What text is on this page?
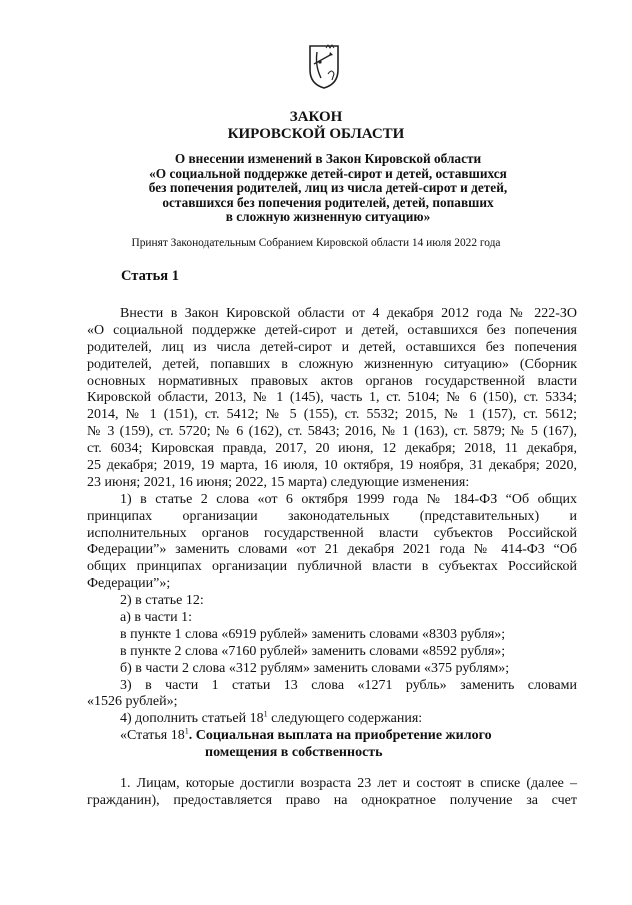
ЗАКОН
КИРОВСКОЙ ОБЛАСТИ
О внесении изменений в Закон Кировской области
«О социальной поддержке детей-сирот и детей, оставшихся
без попечения родителей, лиц из числа детей-сирот и детей,
оставшихся без попечения родителей, детей, попавших
в сложную жизненную ситуацию»
Принят Законодательным Собранием Кировской области 14 июля 2022 года
Статья 1
Внести в Закон Кировской области от 4 декабря 2012 года № 222-ЗО
«О социальной поддержке детей-сирот и детей, оставшихся без попечения
родителей, лиц из числа детей-сирот и детей, оставшихся без попечения
родителей, детей, попавших в сложную жизненную ситуацию» (Сборник
основных нормативных правовых актов органов государственной власти
Кировской области, 2013, № 1 (145), часть 1, ст. 5104; № 6 (150), ст. 5334;
2014, № 1 (151), ст. 5412; № 5 (155), ст. 5532; 2015, № 1 (157), ст. 5612;
№ 3 (159), ст. 5720; № 6 (162), ст. 5843; 2016, № 1 (163), ст. 5879; № 5 (167),
ст. 6034; Кировская правда, 2017, 20 июня, 12 декабря; 2018, 11 декабря,
25 декабря; 2019, 19 марта, 16 июля, 10 октября, 19 ноября, 31 декабря; 2020,
23 июня; 2021, 16 июня; 2022, 15 марта) следующие изменения:
1) в статье 2 слова «от 6 октября 1999 года № 184-ФЗ “Об общих
принципах организации законодательных (представительных) и
исполнительных органов государственной власти субъектов Российской
Федерации”» заменить словами «от 21 декабря 2021 года № 414-ФЗ “Об
общих принципах организации публичной власти в субъектах Российской
Федерации”»;
2) в статье 12:
а) в части 1:
в пункте 1 слова «6919 рублей» заменить словами «8303 рубля»;
в пункте 2 слова «7160 рублей» заменить словами «8592 рубля»;
б) в части 2 слова «312 рублям» заменить словами «375 рублям»;
3) в части 1 статьи 13 слова «1271 рубль» заменить словами
«1526 рублей»;
4) дополнить статьей $18^1$ следующего содержания:
«Статья $18^1$. Социальная выплата на приобретение жилого
помещения в собственность
1. Лицам, которые достигли возраста 23 лет и состоят в списке (далее –
гражданин), предоставляется право на однократное получение за счет
